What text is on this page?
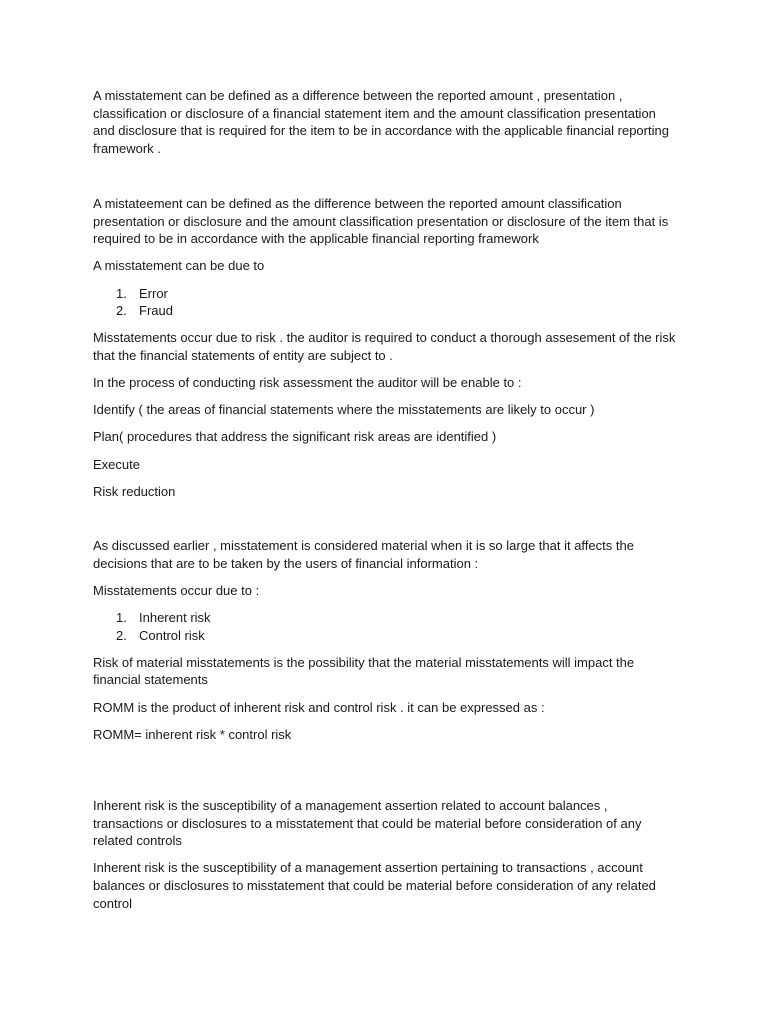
A misstatement can be defined as a difference between the reported amount , presentation , classification or disclosure of a financial statement item and the amount classification presentation and disclosure that is required for the item to be in accordance with the applicable financial reporting framework .

A mistateement can be defined as the difference between the reported amount classification presentation or disclosure and the amount classification presentation or disclosure of the item that is required to be in accordance with the applicable financial reporting framework

A misstatement can be due to

1. Error
2. Fraud

Misstatements occur due to risk . the auditor is required to conduct a thorough assesement of the risk that the financial statements of entity are subject to .

In the process of conducting risk assessment the auditor will be enable to :

Identify ( the areas of financial statements where the misstatements are likely to occur )

Plan( procedures that address the significant risk areas are identified )

Execute

Risk reduction

As discussed earlier , misstatement is considered material when it is so large that it affects the decisions that are to be taken by the users of financial information :

Misstatements occur due to :

1. Inherent risk
2. Control risk

Risk of material misstatements is the possibility that the material misstatements will impact the financial statements

ROMM is the product of inherent risk and control risk . it can be expressed as :

ROMM= inherent risk * control risk

Inherent risk is the susceptibility of a management assertion related to account balances , transactions or disclosures to a misstatement that could be material before consideration of any related controls

Inherent risk is the susceptibility of a management assertion pertaining to transactions , account balances or disclosures to misstatement that could be material before consideration of any related control
